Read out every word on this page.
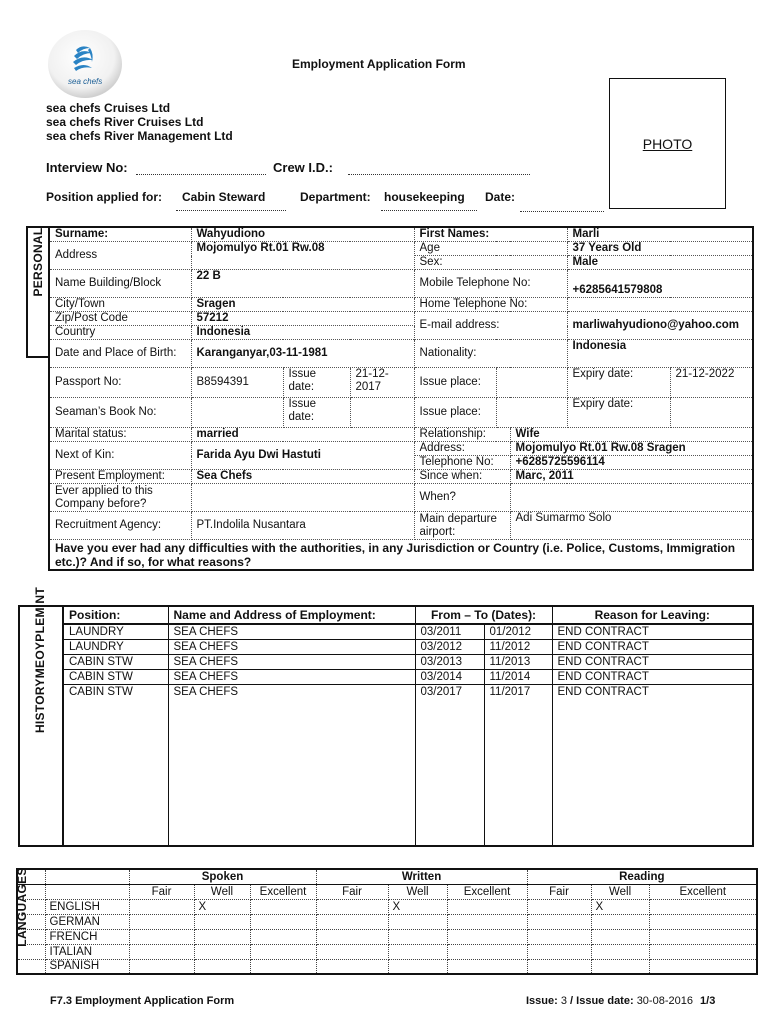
sea chefs
Employment Application Form
sea chefs Cruises Ltd
sea chefs River Cruises Ltd
sea chefs River Management Ltd	PHOTO
Interview No:	Crew I.D.:
Position applied for:	Cabin Steward	Department: housekeeping	Date:
PERSONAL Surname:	Wahyudiono			First Names:			Marli	
Address	Mojomulyo Rt.01 Rw.08			Age			37 Years Old	
				Sex:			Male	
Name Building/Block	22 B			Mobile Telephone No:			+6285641579808	
City/Town	Sragen			Home Telephone No:				
Zip/Post Code	57212			E-mail address:			marliwahyudiono@yahoo.com	
Country	Indonesia							
Date and Place of Birth:	Karanganyar,03-11-1981			Nationality:			Indonesia	
Passport No:	B8594391	Issue date:	21-12-2017	Issue place:			Expiry date:	21-12-2022
Seaman’s Book No:		Issue date:		Issue place:			Expiry date:	
Marital status:	married			Relationship:		Wife		
Next of Kin:	Farida Ayu Dwi Hastuti			Address:		Mojomulyo Rt.01 Rw.08 Sragen		
				Telephone No:		+6285725596114		
Present Employment:	Sea Chefs			Since when:		Marc, 2011		
Ever applied to this Company before?				When?				
Recruitment Agency:	PT.Indolila Nusantara			Main departure airport:		Adi Sumarmo Solo		
Have you ever had any difficulties with the authorities, in any Jurisdiction or Country (i.e. Police, Customs, Immigration etc.)? And if so, for what reasons?								
HISTORYMEOYPLEM NT Position:	Name and Address of Employment:	From – To (Dates):		Reason for Leaving:
LAUNDRY	SEA CHEFS	03/2011	01/2012	END CONTRACT
LAUNDRY	SEA CHEFS	03/2012	11/2012	END CONTRACT
CABIN STW	SEA CHEFS	03/2013	11/2013	END CONTRACT
CABIN STW	SEA CHEFS	03/2014	11/2014	END CONTRACT
CABIN STW	SEA CHEFS	03/2017	11/2017	END CONTRACT
LANGUAGES
			Spoken			Written			Reading		
		Fair	Well	Excellent	Fair	Well	Excellent	Fair	Well	Excellent
	ENGLISH		X			X			X	
	GERMAN									
	FRENCH									
	ITALIAN									
	SPANISH									
F7.3 Employment Application Form	Issue: 3 / Issue date: 30-08-2016 1/3
